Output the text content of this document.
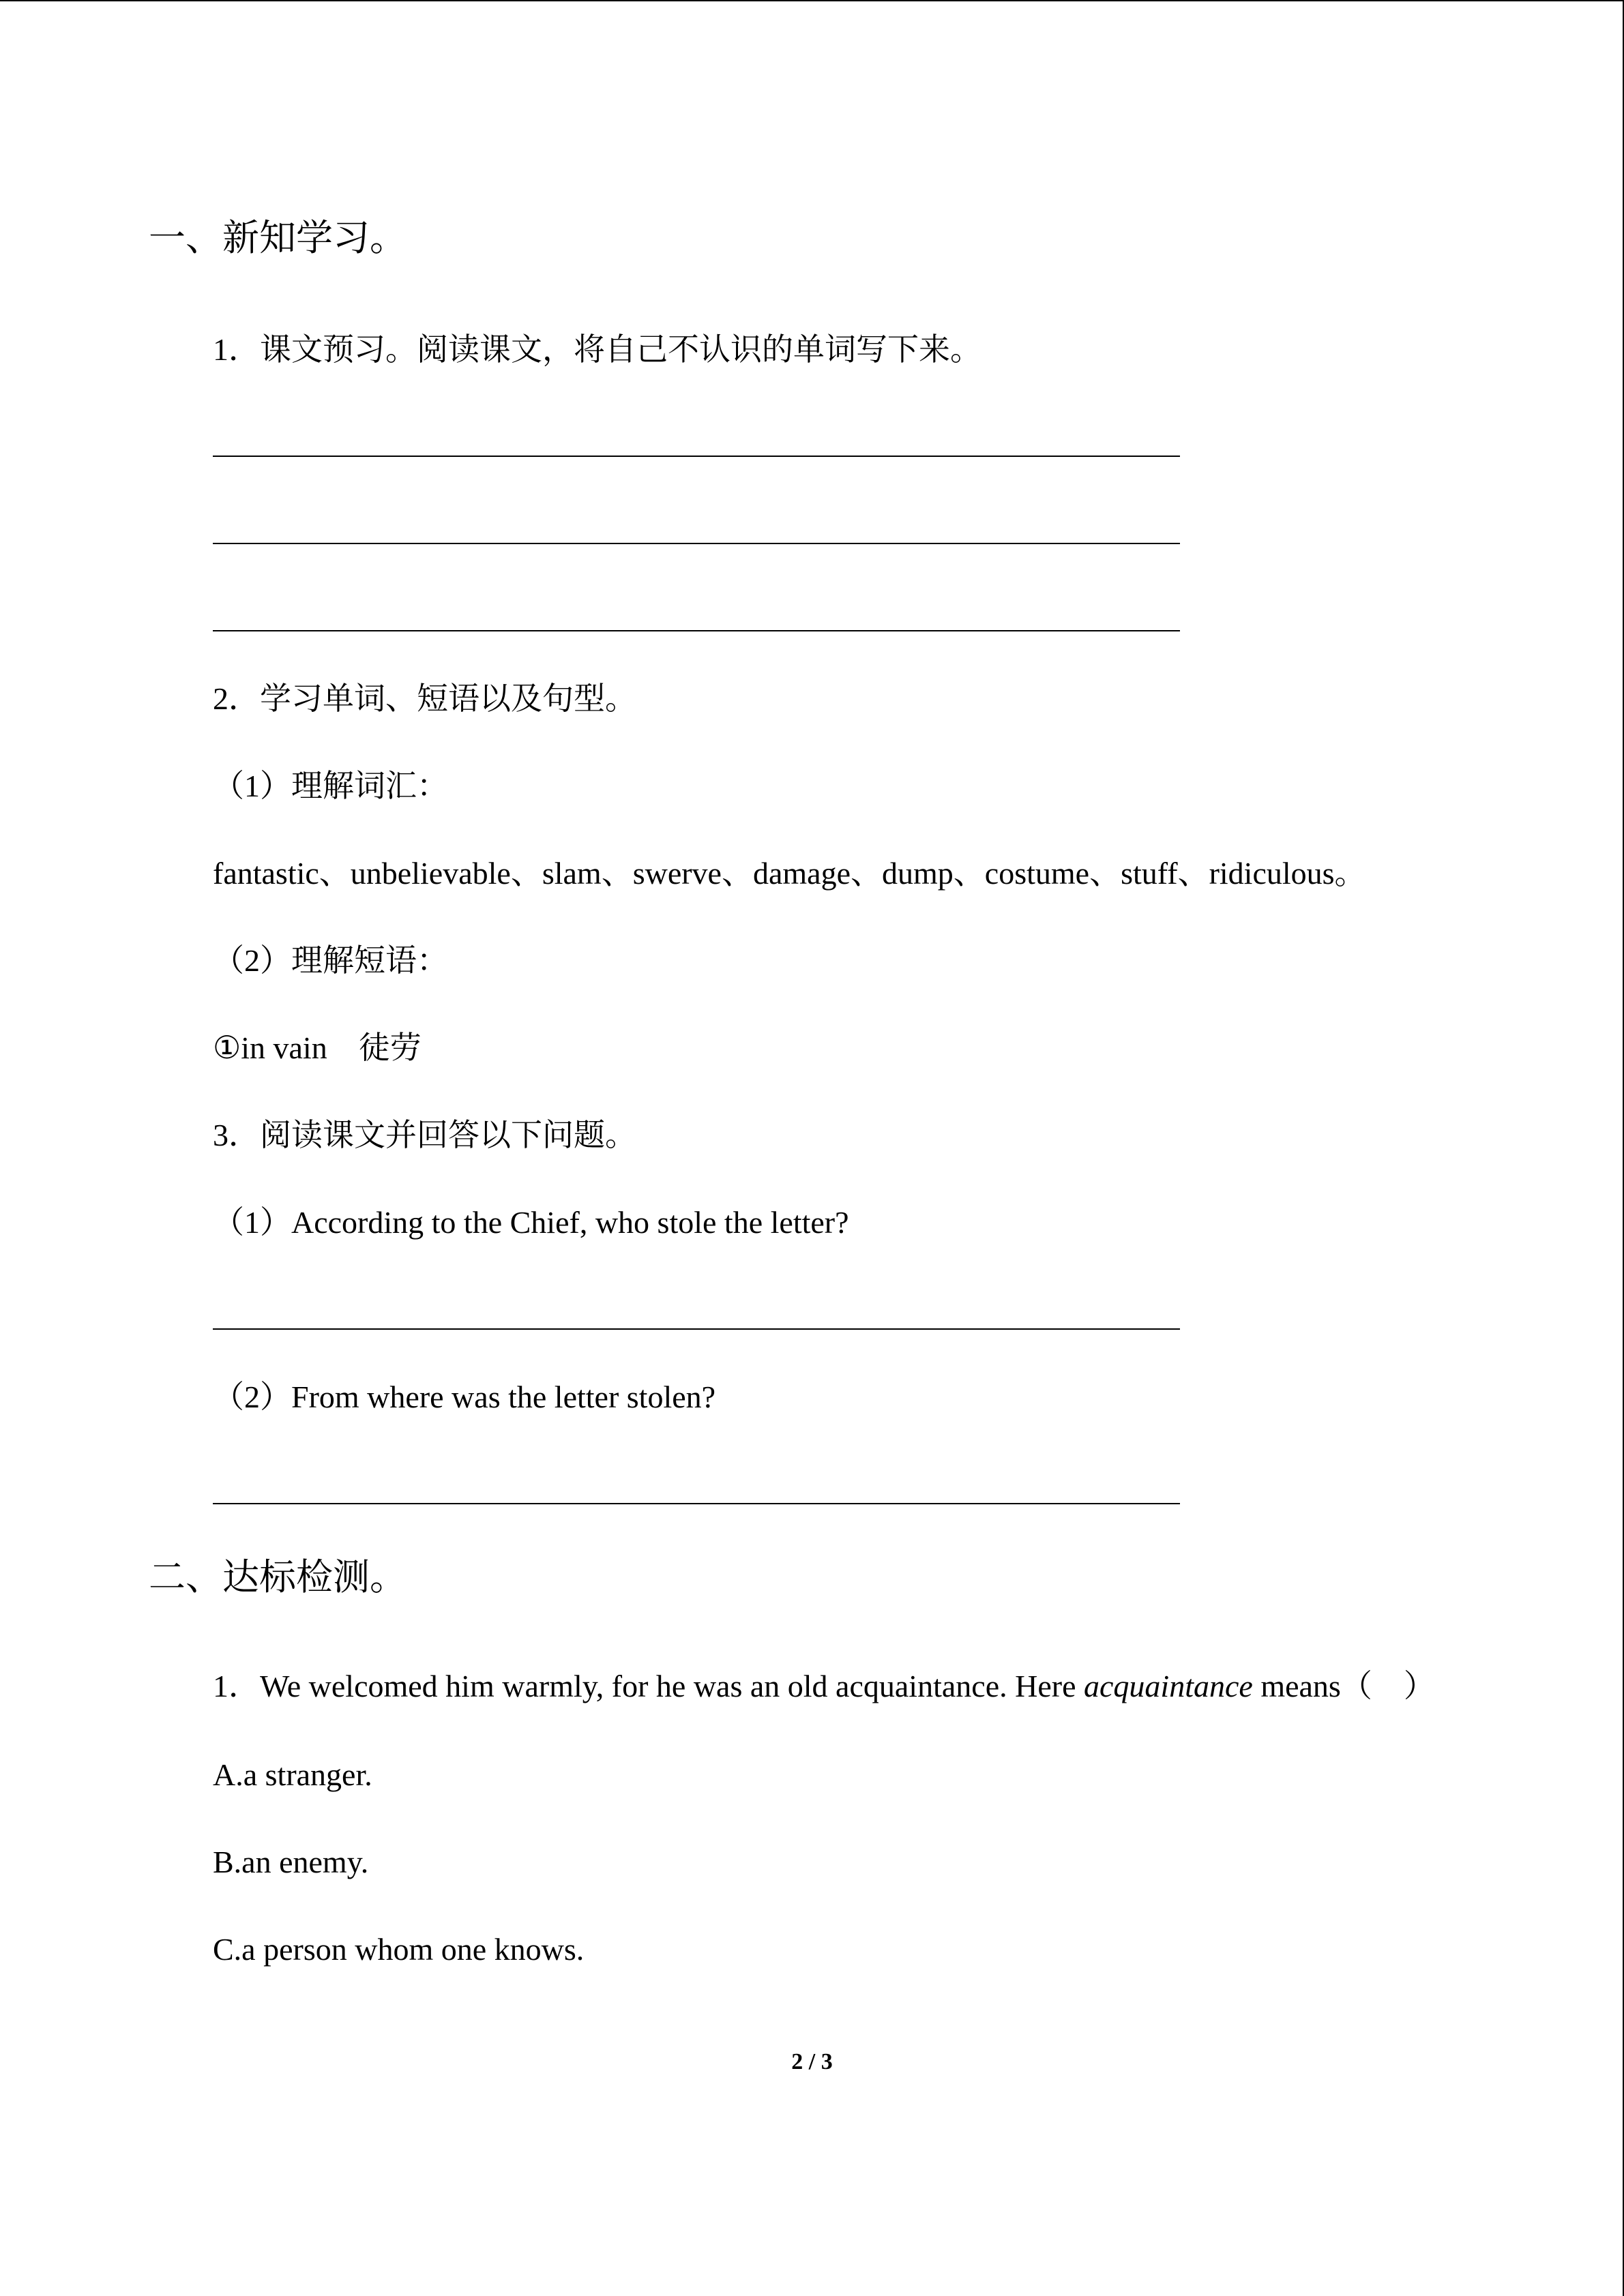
一、新知学习。
1．课文预习。阅读课文，将自己不认识的单词写下来。
2．学习单词、短语以及句型。
（1）理解词汇：
fantastic、unbelievable、slam、swerve、damage、dump、costume、stuff、ridiculous。
（2）理解短语：
①in vain　徒劳
3．阅读课文并回答以下问题。
（1）According to the Chief, who stole the letter?
（2）From where was the letter stolen?
二、达标检测。
1．We welcomed him warmly, for he was an old acquaintance. Here acquaintance means（　）
A.a stranger.
B.an enemy.
C.a person whom one knows.
2 / 3
